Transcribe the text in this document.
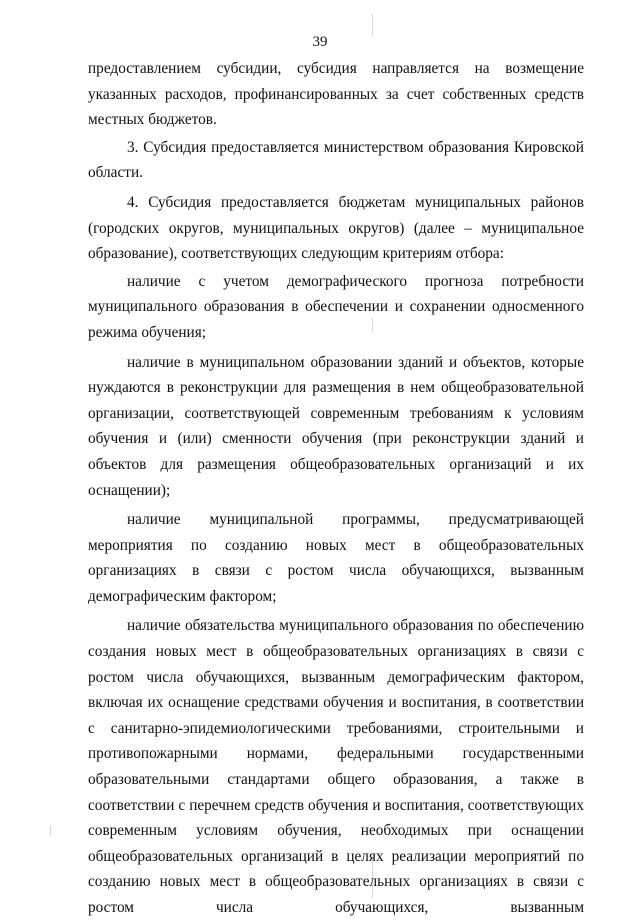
39

предоставлением субсидии, субсидия направляется на возмещение указанных расходов, профинансированных за счет собственных средств местных бюджетов.

3. Субсидия предоставляется министерством образования Кировской области.

4. Субсидия предоставляется бюджетам муниципальных районов (городских округов, муниципальных округов) (далее – муниципальное образование), соответствующих следующим критериям отбора:

наличие с учетом демографического прогноза потребности муниципального образования в обеспечении и сохранении односменного режима обучения;

наличие в муниципальном образовании зданий и объектов, которые нуждаются в реконструкции для размещения в нем общеобразовательной организации, соответствующей современным требованиям к условиям обучения и (или) сменности обучения (при реконструкции зданий и объектов для размещения общеобразовательных организаций и их оснащении);

наличие муниципальной программы, предусматривающей мероприятия по созданию новых мест в общеобразовательных организациях в связи с ростом числа обучающихся, вызванным демографическим фактором;

наличие обязательства муниципального образования по обеспечению создания новых мест в общеобразовательных организациях в связи с ростом числа обучающихся, вызванным демографическим фактором, включая их оснащение средствами обучения и воспитания, в соответствии с санитарно-эпидемиологическими требованиями, строительными и противопожарными нормами, федеральными государственными образовательными стандартами общего образования, а также в соответствии с перечнем средств обучения и воспитания, соответствующих современным условиям обучения, необходимых при оснащении общеобразовательных организаций в целях реализации мероприятий по созданию новых мест в общеобразовательных организациях в связи с ростом числа обучающихся, вызванным
